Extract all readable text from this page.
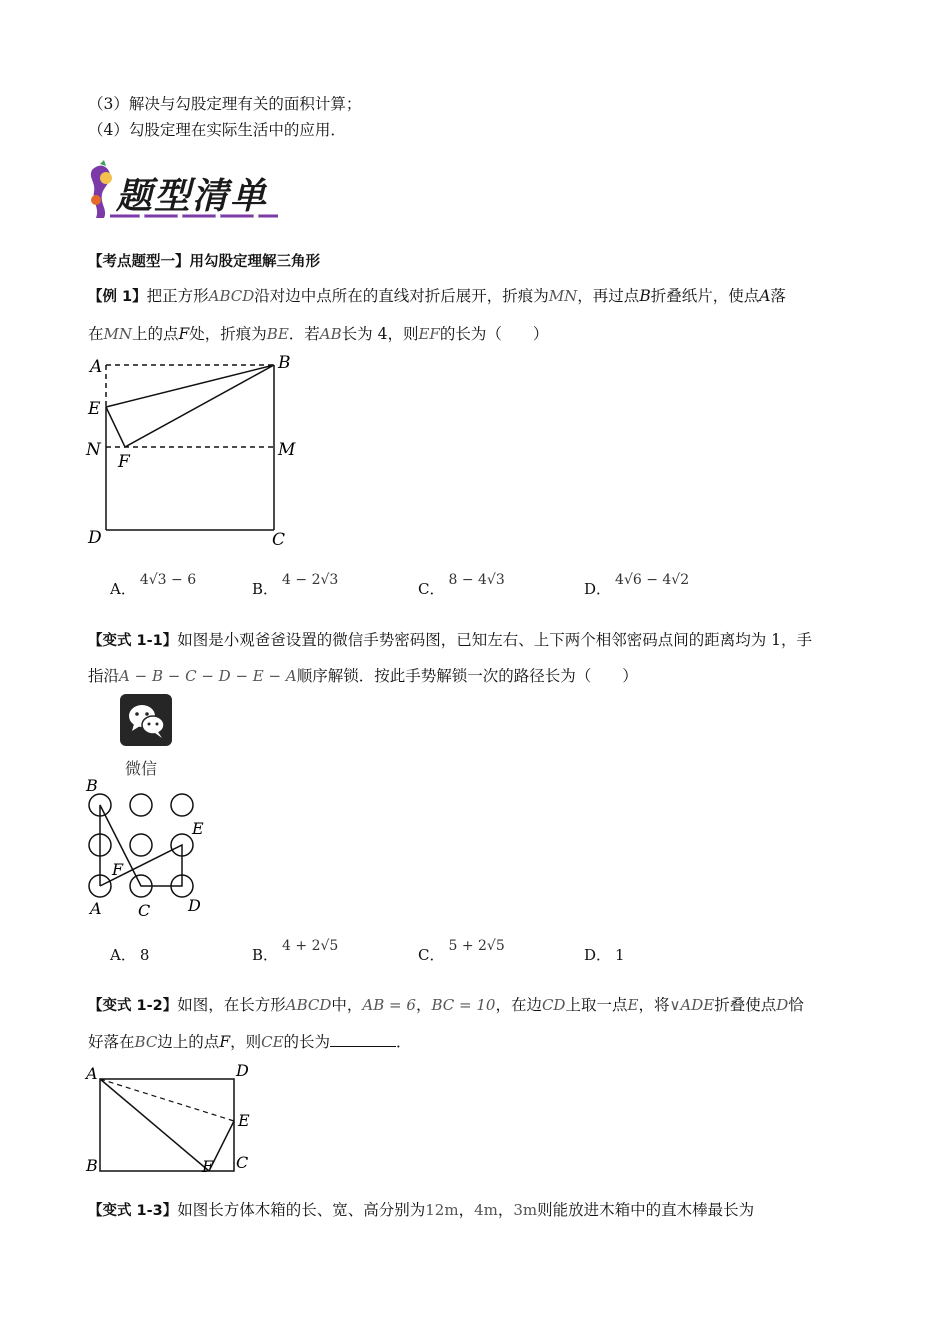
（3）解决与勾股定理有关的面积计算；
（4）勾股定理在实际生活中的应用．
题型清单
【考点题型一】用勾股定理解三角形
【例 1】把正方形ABCD沿对边中点所在的直线对折后展开，折痕为MN，再过点B折叠纸片，使点A落
在MN上的点F处，折痕为BE．若AB长为 4，则EF的长为（　　）
A	B
E
N
F
M
D	C
A． 4√3 − 6	B． 4 − 2√3	C． 8 − 4√3	D． 4√6 − 4√2
【变式 1-1】如图是小观爸爸设置的微信手势密码图，已知左右、上下两个相邻密码点间的距离均为 1，手
指沿A − B − C − D − E − A顺序解锁．按此手势解锁一次的路径长为（　　）
微信
B
E
F
A C D
A． 8	B． 4 + 2√5	C． 5 + 2√5	D． 1
【变式 1-2】如图，在长方形ABCD中，AB = 6，BC = 10，在边CD上取一点E，将∨ADE折叠使点D恰
好落在BC边上的点F，则CE的长为	．
A	D
E
B	F C
【变式 1-3】如图长方体木箱的长、宽、高分别为12m，4m，3m则能放进木箱中的直木棒最长为
